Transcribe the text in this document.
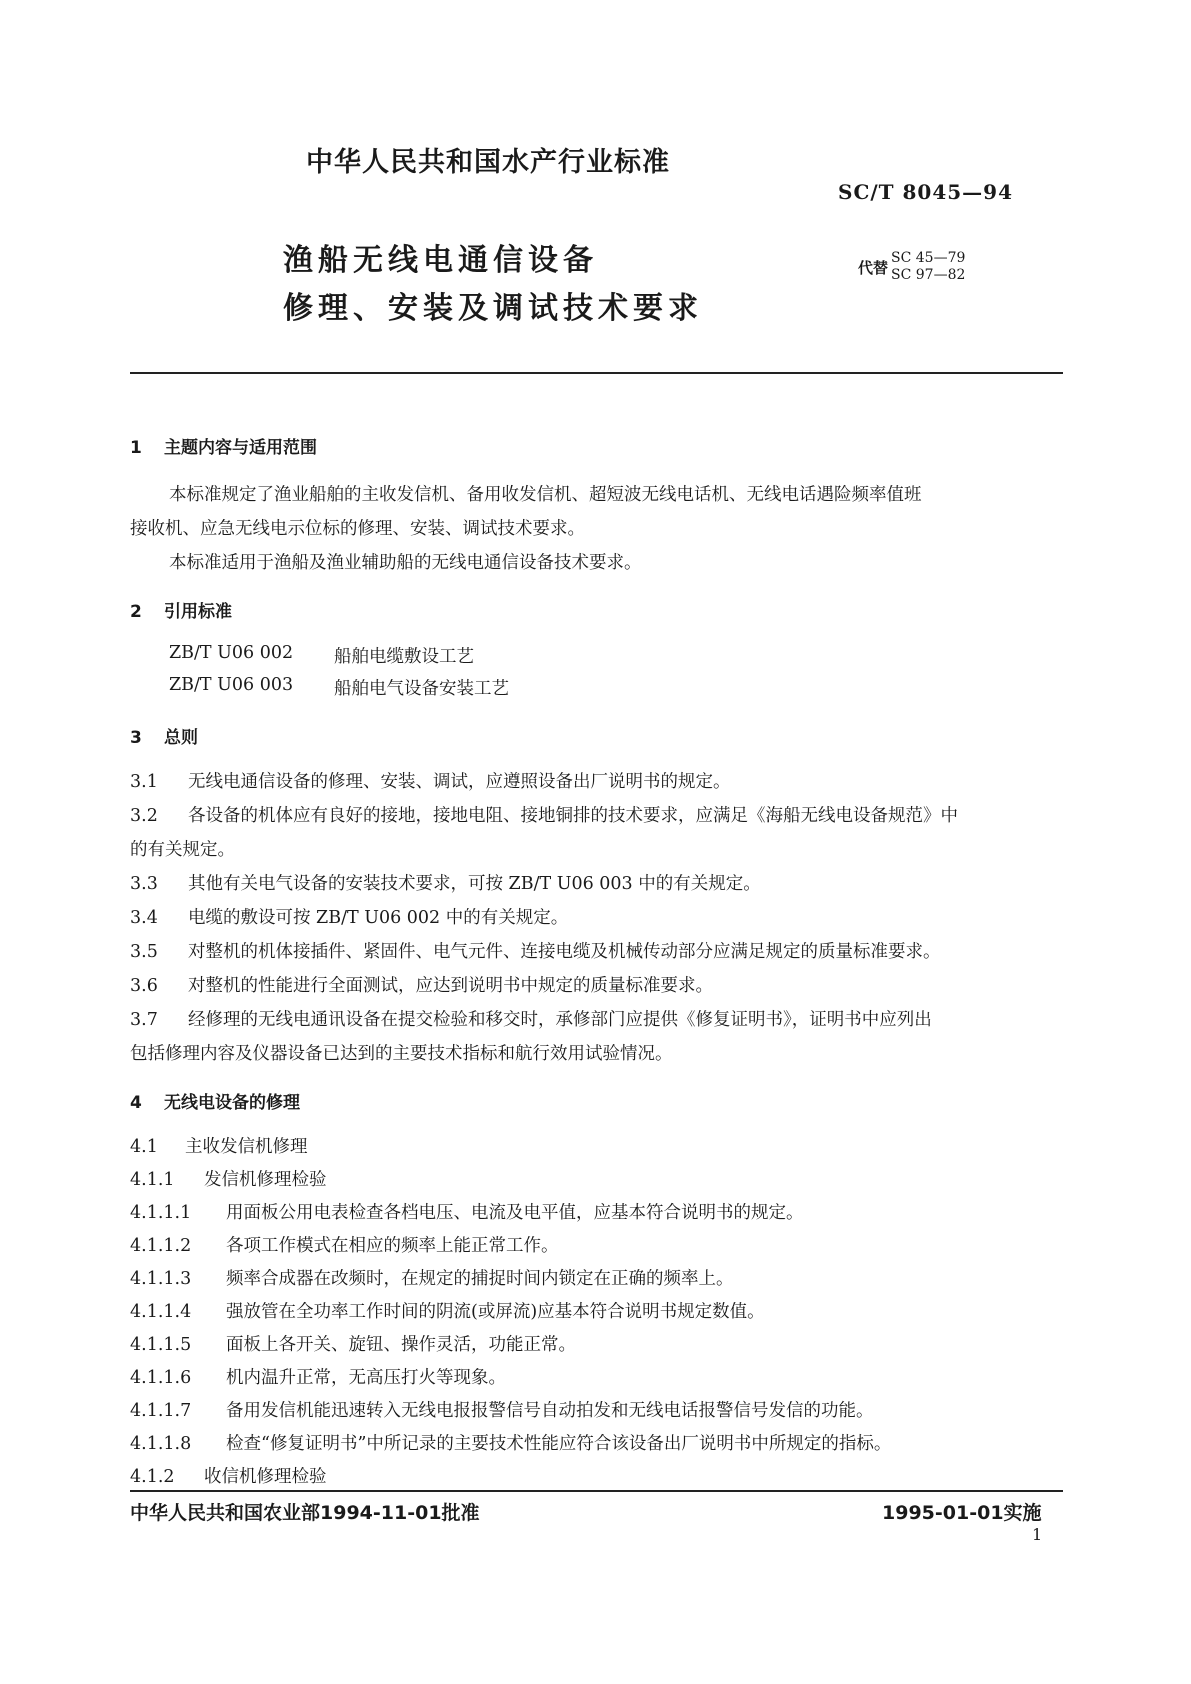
中华人民共和国水产行业标准
SC/T 8045—94
渔船无线电通信设备
修理、安装及调试技术要求
代替
SC 45—79
SC 97—82
1 主题内容与适用范围
本标准规定了渔业船舶的主收发信机、备用收发信机、超短波无线电话机、无线电话遇险频率值班
接收机、应急无线电示位标的修理、安装、调试技术要求。
本标准适用于渔船及渔业辅助船的无线电通信设备技术要求。
2 引用标准
ZB/T U06 002 船舶电缆敷设工艺
ZB/T U06 003 船舶电气设备安装工艺
3 总则
3.1 无线电通信设备的修理、安装、调试，应遵照设备出厂说明书的规定。
3.2 各设备的机体应有良好的接地，接地电阻、接地铜排的技术要求，应满足《海船无线电设备规范》中
的有关规定。
3.3 其他有关电气设备的安装技术要求，可按 ZB/T U06 003 中的有关规定。
3.4 电缆的敷设可按 ZB/T U06 002 中的有关规定。
3.5 对整机的机体接插件、紧固件、电气元件、连接电缆及机械传动部分应满足规定的质量标准要求。
3.6 对整机的性能进行全面测试，应达到说明书中规定的质量标准要求。
3.7 经修理的无线电通讯设备在提交检验和移交时，承修部门应提供《修复证明书》，证明书中应列出
包括修理内容及仪器设备已达到的主要技术指标和航行效用试验情况。
4 无线电设备的修理
4.1 主收发信机修理
4.1.1 发信机修理检验
4.1.1.1 用面板公用电表检查各档电压、电流及电平值，应基本符合说明书的规定。
4.1.1.2 各项工作模式在相应的频率上能正常工作。
4.1.1.3 频率合成器在改频时，在规定的捕捉时间内锁定在正确的频率上。
4.1.1.4 强放管在全功率工作时间的阴流(或屏流)应基本符合说明书规定数值。
4.1.1.5 面板上各开关、旋钮、操作灵活，功能正常。
4.1.1.6 机内温升正常，无高压打火等现象。
4.1.1.7 备用发信机能迅速转入无线电报报警信号自动拍发和无线电话报警信号发信的功能。
4.1.1.8 检查“修复证明书”中所记录的主要技术性能应符合该设备出厂说明书中所规定的指标。
4.1.2 收信机修理检验
中华人民共和国农业部1994-11-01批准	1995-01-01实施
1
